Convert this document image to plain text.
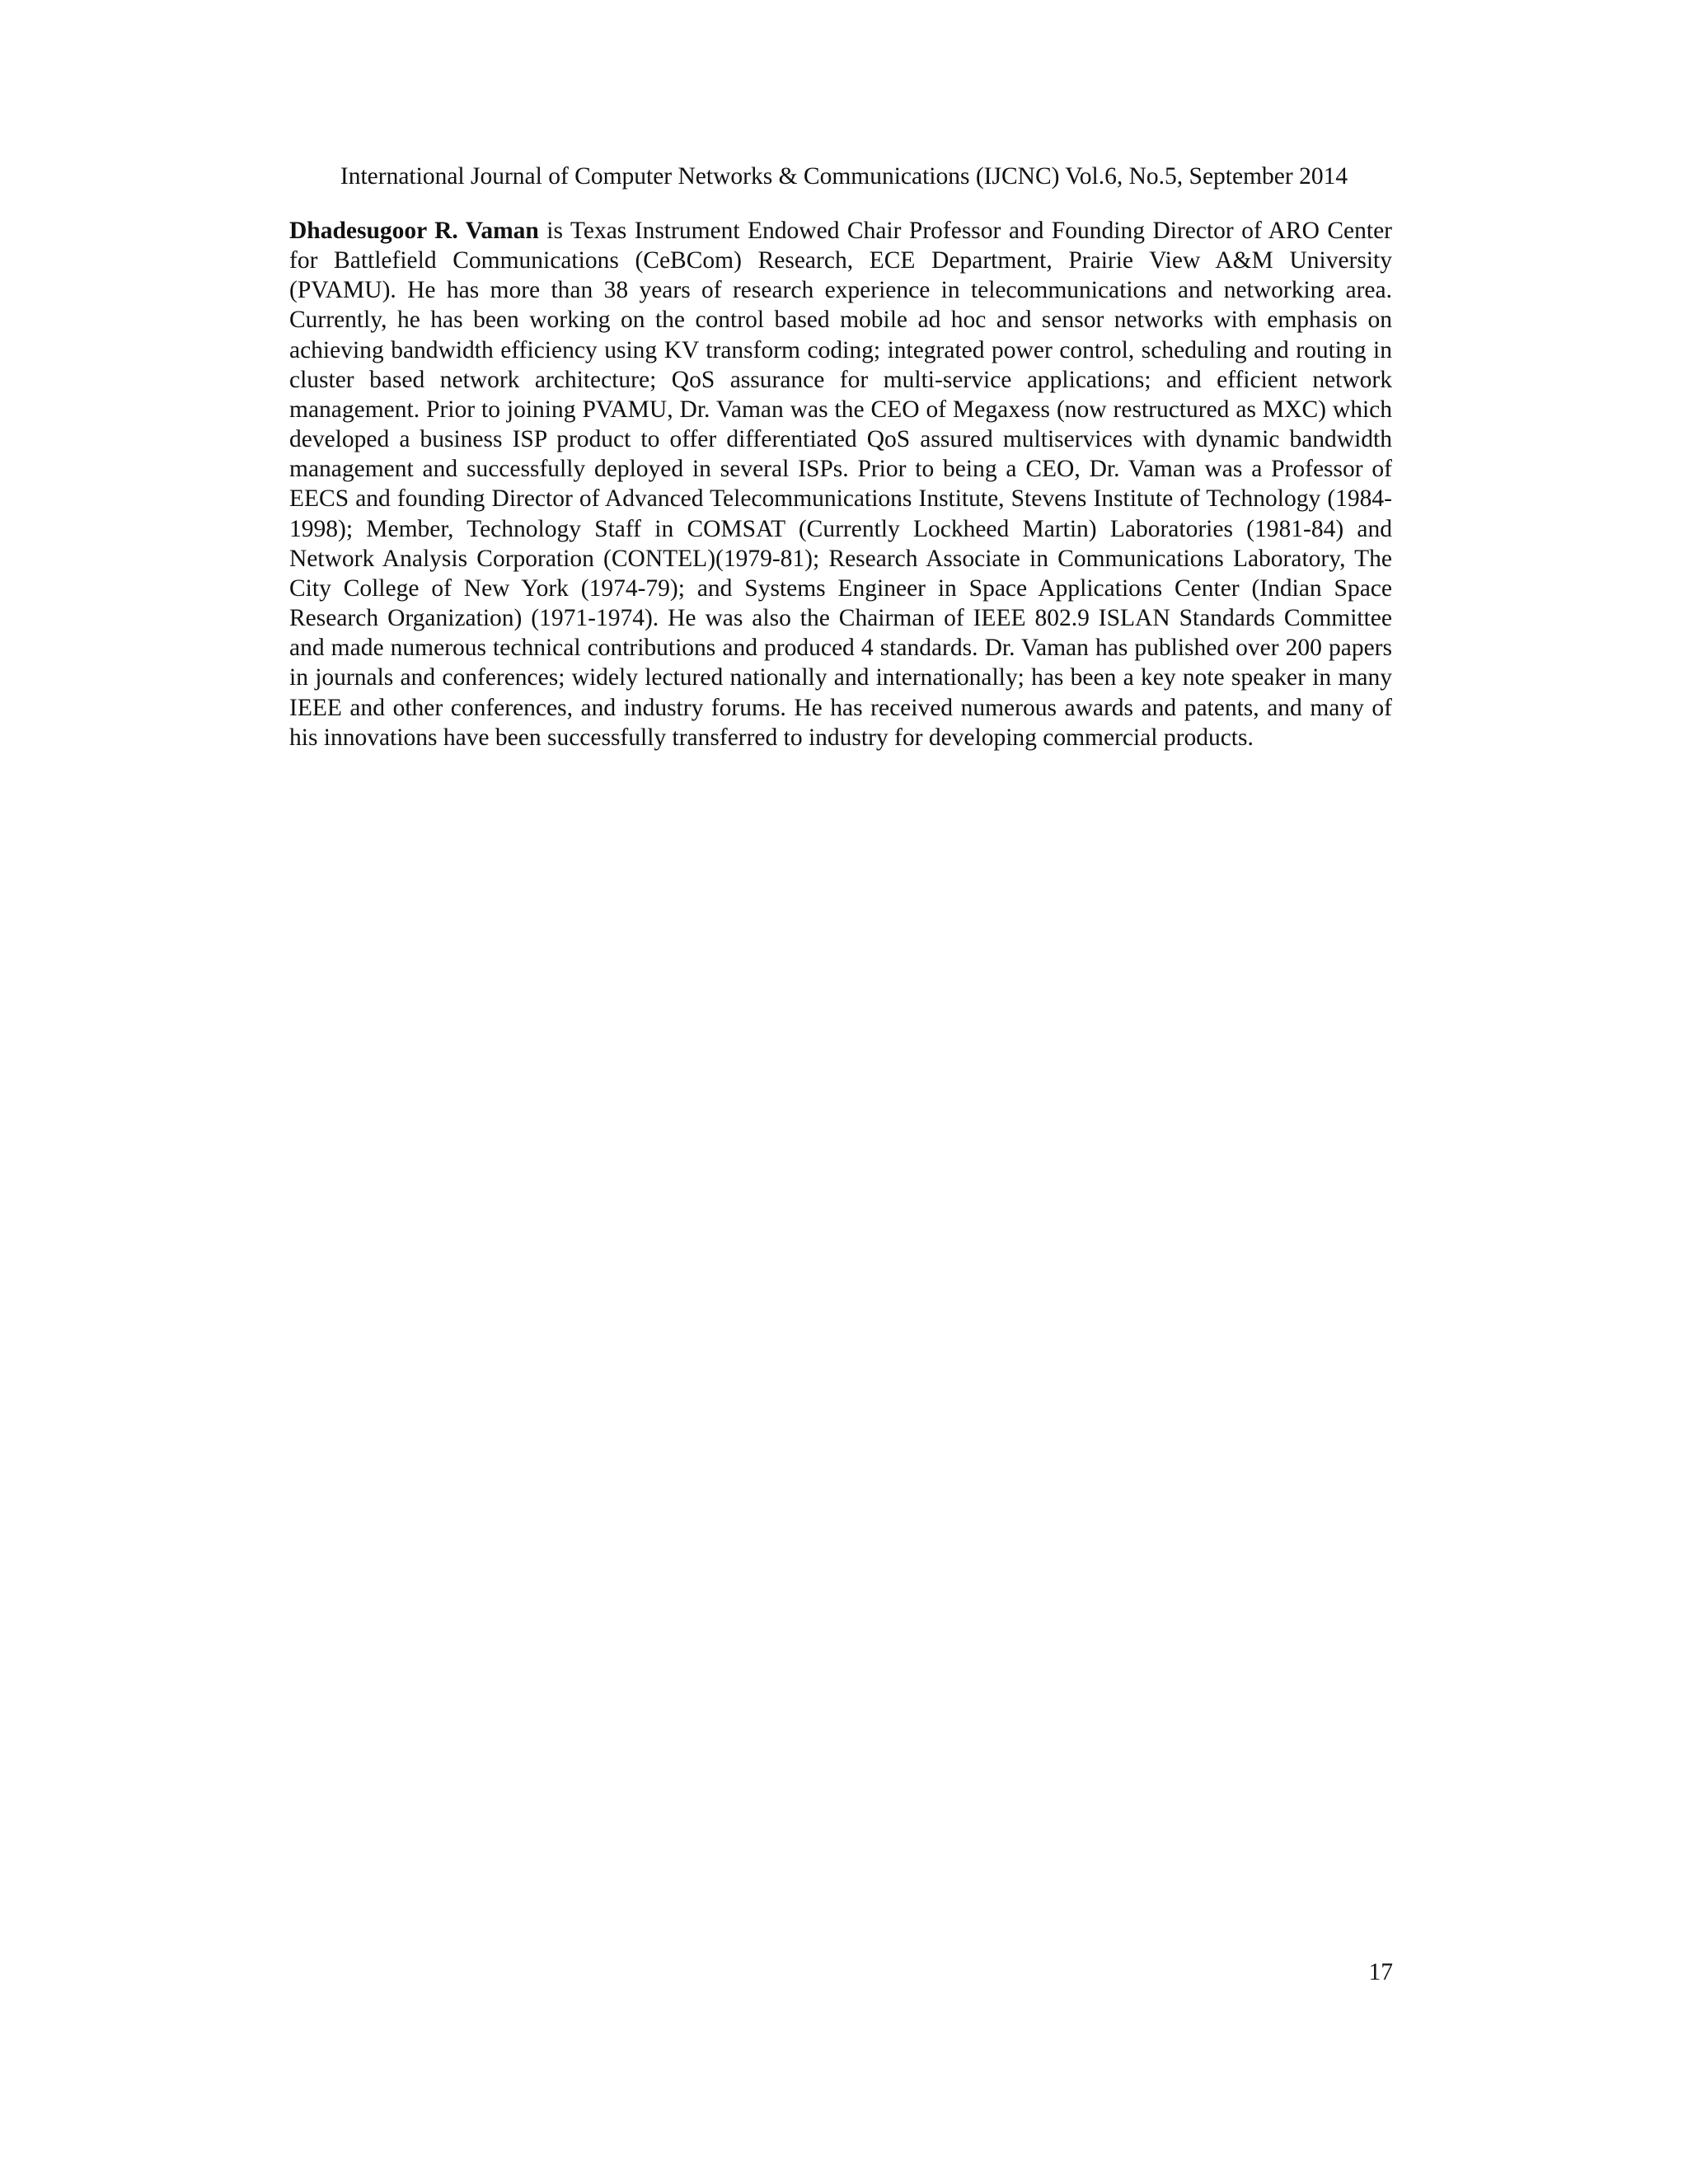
International Journal of Computer Networks & Communications (IJCNC) Vol.6, No.5, September 2014

Dhadesugoor R. Vaman is Texas Instrument Endowed Chair Professor and Founding Director of ARO Center for Battlefield Communications (CeBCom) Research, ECE Department, Prairie View A&M University (PVAMU). He has more than 38 years of research experience in telecommunications and networking area. Currently, he has been working on the control based mobile ad hoc and sensor networks with emphasis on achieving bandwidth efficiency using KV transform coding; integrated power control, scheduling and routing in cluster based network architecture; QoS assurance for multi-service applications; and efficient network management. Prior to joining PVAMU, Dr. Vaman was the CEO of Megaxess (now restructured as MXC) which developed a business ISP product to offer differentiated QoS assured multiservices with dynamic bandwidth management and successfully deployed in several ISPs. Prior to being a CEO, Dr. Vaman was a Professor of EECS and founding Director of Advanced Telecommunications Institute, Stevens Institute of Technology (1984-1998); Member, Technology Staff in COMSAT (Currently Lockheed Martin) Laboratories (1981-84) and Network Analysis Corporation (CONTEL)(1979-81); Research Associate in Communications Laboratory, The City College of New York (1974-79); and Systems Engineer in Space Applications Center (Indian Space Research Organization) (1971-1974). He was also the Chairman of IEEE 802.9 ISLAN Standards Committee and made numerous technical contributions and produced 4 standards. Dr. Vaman has published over 200 papers in journals and conferences; widely lectured nationally and internationally; has been a key note speaker in many IEEE and other conferences, and industry forums. He has received numerous awards and patents, and many of his innovations have been successfully transferred to industry for developing commercial products.

17
